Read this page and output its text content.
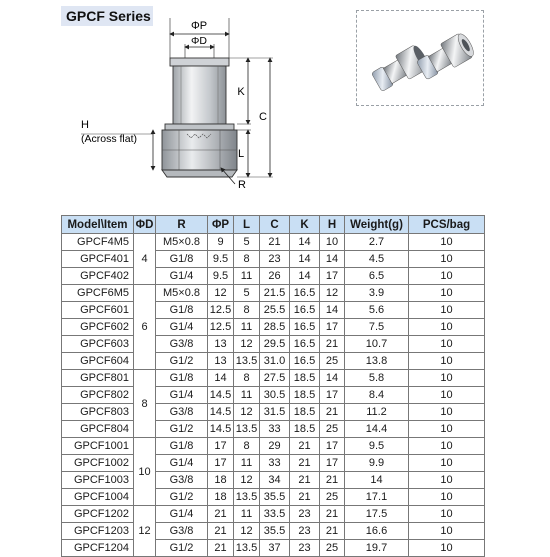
GPCF Series
ΦP
ΦD
K
C
L
R
H
(Across flat)
Model\Item	ΦD	R	ΦP	L	C	K	H	Weight(g)	PCS/bag
GPCF4M5	4	M5×0.8	9	5	21	14	10	2.7	10
GPCF401		G1/8	9.5	8	23	14	14	4.5	10
GPCF402		G1/4	9.5	11	26	14	17	6.5	10
GPCF6M5	6	M5×0.8	12	5	21.5	16.5	12	3.9	10
GPCF601		G1/8	12.5	8	25.5	16.5	14	5.6	10
GPCF602		G1/4	12.5	11	28.5	16.5	17	7.5	10
GPCF603		G3/8	13	12	29.5	16.5	21	10.7	10
GPCF604		G1/2	13	13.5	31.0	16.5	25	13.8	10
GPCF801	8	G1/8	14	8	27.5	18.5	14	5.8	10
GPCF802		G1/4	14.5	11	30.5	18.5	17	8.4	10
GPCF803		G3/8	14.5	12	31.5	18.5	21	11.2	10
GPCF804		G1/2	14.5	13.5	33	18.5	25	14.4	10
GPCF1001	10	G1/8	17	8	29	21	17	9.5	10
GPCF1002		G1/4	17	11	33	21	17	9.9	10
GPCF1003		G3/8	18	12	34	21	21	14	10
GPCF1004		G1/2	18	13.5	35.5	21	25	17.1	10
GPCF1202	12	G1/4	21	11	33.5	23	21	17.5	10
GPCF1203		G3/8	21	12	35.5	23	21	16.6	10
GPCF1204		G1/2	21	13.5	37	23	25	19.7	10
